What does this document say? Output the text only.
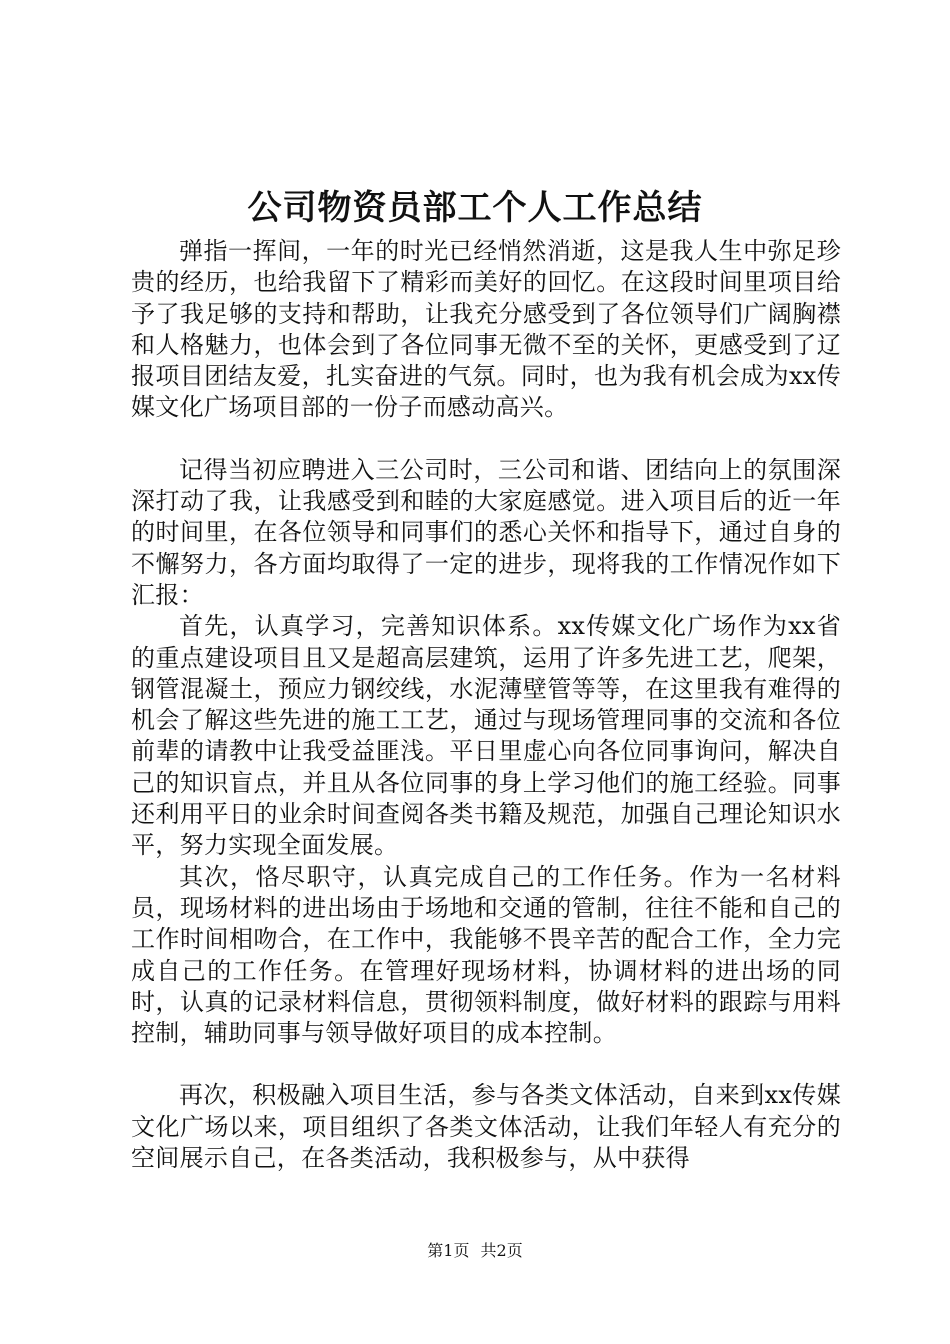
公司物资员部工个人工作总结

弹指一挥间，一年的时光已经悄然消逝，这是我人生中弥足珍贵的经历，也给我留下了精彩而美好的回忆。在这段时间里项目给予了我足够的支持和帮助，让我充分感受到了各位领导们广阔胸襟和人格魅力，也体会到了各位同事无微不至的关怀，更感受到了辽报项目团结友爱，扎实奋进的气氛。同时，也为我有机会成为xx传媒文化广场项目部的一份子而感动高兴。

记得当初应聘进入三公司时，三公司和谐、团结向上的氛围深深打动了我，让我感受到和睦的大家庭感觉。进入项目后的近一年的时间里，在各位领导和同事们的悉心关怀和指导下，通过自身的不懈努力，各方面均取得了一定的进步，现将我的工作情况作如下汇报：

首先，认真学习，完善知识体系。xx传媒文化广场作为xx省的重点建设项目且又是超高层建筑，运用了许多先进工艺，爬架，钢管混凝土，预应力钢绞线，水泥薄壁管等等，在这里我有难得的机会了解这些先进的施工工艺，通过与现场管理同事的交流和各位前辈的请教中让我受益匪浅。平日里虚心向各位同事询问，解决自己的知识盲点，并且从各位同事的身上学习他们的施工经验。同事还利用平日的业余时间查阅各类书籍及规范，加强自己理论知识水平，努力实现全面发展。

其次，恪尽职守，认真完成自己的工作任务。作为一名材料员，现场材料的进出场由于场地和交通的管制，往往不能和自己的工作时间相吻合，在工作中，我能够不畏辛苦的配合工作，全力完成自己的工作任务。在管理好现场材料，协调材料的进出场的同时，认真的记录材料信息，贯彻领料制度，做好材料的跟踪与用料控制，辅助同事与领导做好项目的成本控制。

再次，积极融入项目生活，参与各类文体活动，自来到xx传媒文化广场以来，项目组织了各类文体活动，让我们年轻人有充分的空间展示自己，在各类活动，我积极参与，从中获得

第1页 共2页
